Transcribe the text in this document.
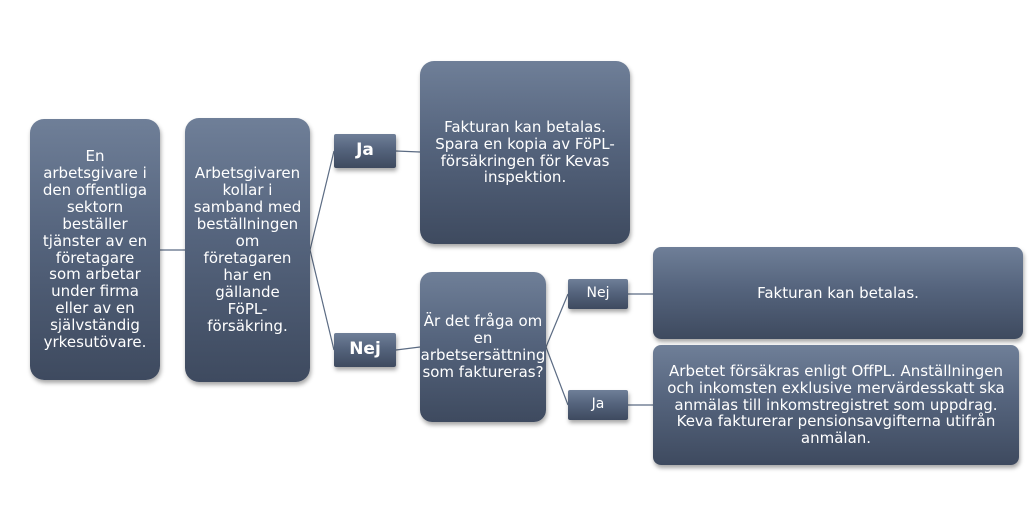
En arbetsgivare i den offentliga sektorn beställer tjänster av en företagare som arbetar under firma eller av en självständig yrkesutövare.
Arbetsgivaren kollar i samband med beställningen om företagaren har en gällande FöPL-försäkring.
Ja
Nej
Fakturan kan betalas. Spara en kopia av FöPL-försäkringen för Kevas inspektion.
Är det fråga om en arbetsersättning som faktureras?
Nej
Ja
Fakturan kan betalas.
Arbetet försäkras enligt OffPL. Anställningen och inkomsten exklusive mervärdesskatt ska anmälas till inkomstregistret som uppdrag. Keva fakturerar pensionsavgifterna utifrån anmälan.
